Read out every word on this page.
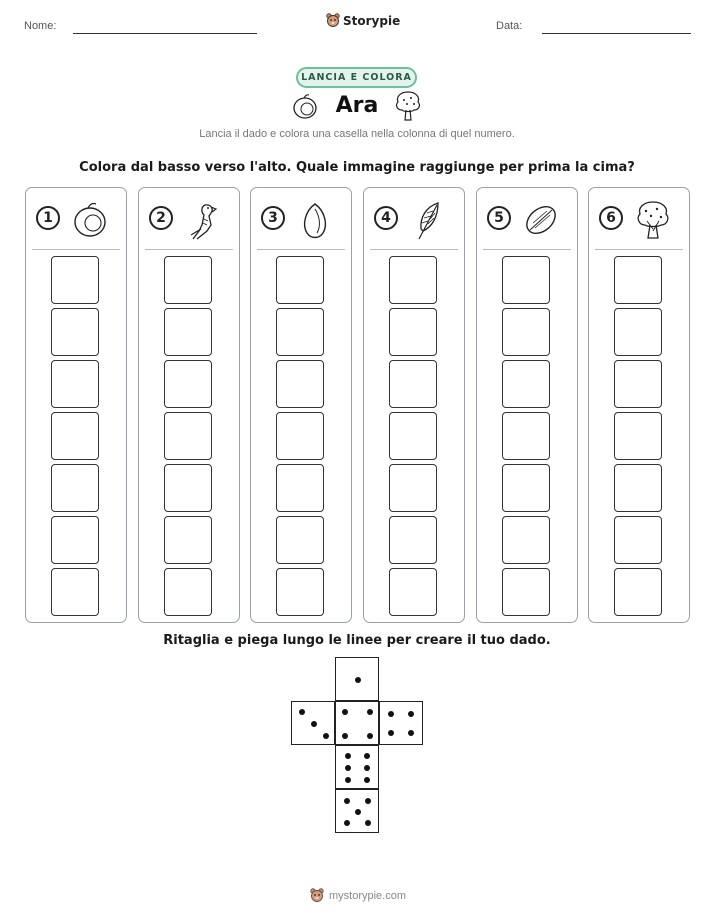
Nome:	Storypie	Data:
LANCIA E COLORA
Ara
Lancia il dado e colora una casella nella colonna di quel numero.
Colora dal basso verso l'alto. Quale immagine raggiunge per prima la cima?
1	2	3	4	5	6
Ritaglia e piega lungo le linee per creare il tuo dado.
mystorypie.com
